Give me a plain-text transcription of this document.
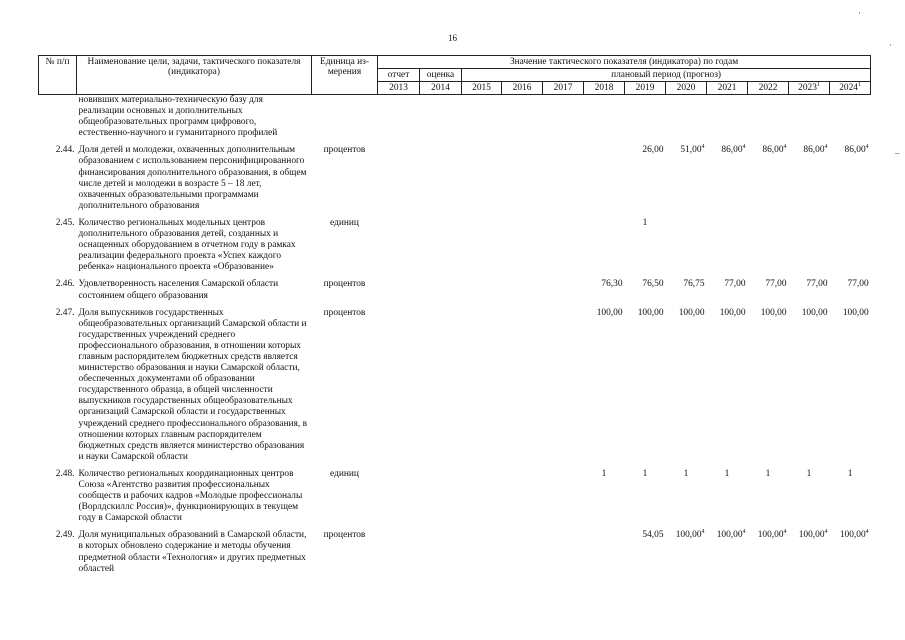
16
·
·
–
№ п/п	Наименование цели, задачи, тактического показателя (индикатора)	Единица из-мерения	Значение тактического показателя (индикатора) по годам											
			отчет	оценка	плановый период (прогноз)									
			2013	2014	2015	2016	2017	2018	2019	2020	2021	2022	2023$^1$	2024$^1$
	новивших материально-техническую базу для реализации основных и дополнительных общеобразовательных программ цифрового, естественно-научного и гуманитарного профилей													

2.44.	Доля детей и молодежи, охваченных дополнительным образованием с использованием персонифицированного финансирования дополнительного образования, в общем числе детей и молодежи в возрасте 5 – 18 лет, охваченных образовательными программами дополнительного образования	процентов							26,00	51,00$^4$	86,00$^4$	86,00$^4$	86,00$^4$	86,00$^4$

2.45.	Количество региональных модельных центров дополнительного образования детей, созданных и оснащенных оборудованием в отчетном году в рамках реализации федерального проекта «Успех каждого ребенка» национального проекта «Образование»	единиц							1					

2.46.	Удовлетворенность населения Самарской области состоянием общего образования	процентов						76,30	76,50	76,75	77,00	77,00	77,00	77,00

2.47.	Доля выпускников государственных общеобразовательных организаций Самарской области и государственных учреждений среднего профессионального образования, в отношении которых главным распорядителем бюджетных средств является министерство образования и науки Самарской области, обеспеченных документами об образовании государственного образца, в общей численности выпускников государственных общеобразовательных организаций Самарской области и государственных учреждений среднего профессионального образования, в отношении которых главным распорядителем бюджетных средств является министерство образования и науки Самарской области	процентов						100,00	100,00	100,00	100,00	100,00	100,00	100,00

2.48.	Количество региональных координационных центров Союза «Агентство развития профессиональных сообществ и рабочих кадров «Молодые профессионалы (Ворлдскиллс Россия)», функционирующих в текущем году в Самарской области	единиц						1	1	1	1	1	1	1

2.49.	Доля муниципальных образований в Самарской области, в которых обновлено содержание и методы обучения предметной области «Технология» и других предметных областей	процентов							54,05	100,00$^4$	100,00$^4$	100,00$^4$	100,00$^4$	100,00$^4$
